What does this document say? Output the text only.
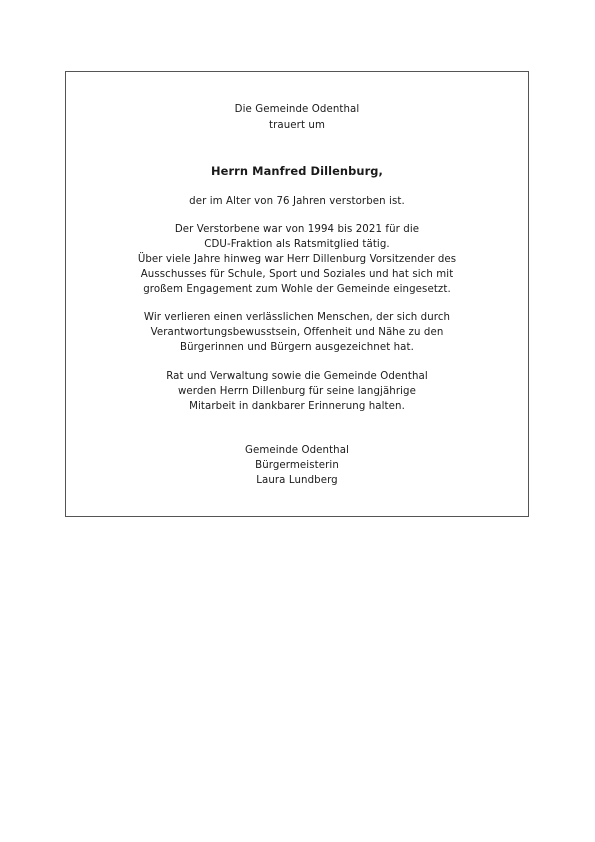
Die Gemeinde Odenthal
trauert um
Herrn Manfred Dillenburg,
der im Alter von 76 Jahren verstorben ist.
Der Verstorbene war von 1994 bis 2021 für die
CDU-Fraktion als Ratsmitglied tätig.
Über viele Jahre hinweg war Herr Dillenburg Vorsitzender des
Ausschusses für Schule, Sport und Soziales und hat sich mit
großem Engagement zum Wohle der Gemeinde eingesetzt.
Wir verlieren einen verlässlichen Menschen, der sich durch
Verantwortungsbewusstsein, Offenheit und Nähe zu den
Bürgerinnen und Bürgern ausgezeichnet hat.
Rat und Verwaltung sowie die Gemeinde Odenthal
werden Herrn Dillenburg für seine langjährige
Mitarbeit in dankbarer Erinnerung halten.
Gemeinde Odenthal
Bürgermeisterin
Laura Lundberg
